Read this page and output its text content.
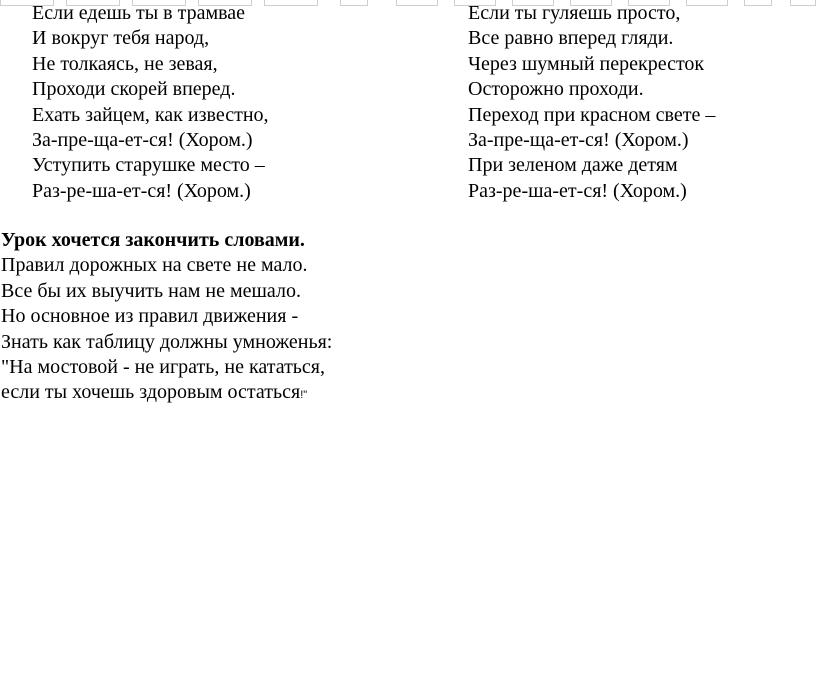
Если едешь ты в трамвае
И вокруг тебя народ,
Не толкаясь, не зевая,
Проходи скорей вперед.
Ехать зайцем, как известно,
За-пре-ща-ет-ся! (Хором.)
Уступить старушке место –
Раз-ре-ша-ет-ся! (Хором.)
Если ты гуляешь просто,
Все равно вперед гляди.
Через шумный перекресток
Осторожно проходи.
Переход при красном свете –
За-пре-ща-ет-ся! (Хором.)
При зеленом даже детям
Раз-ре-ша-ет-ся! (Хором.)
Урок хочется закончить словами.
Правил дорожных на свете не мало.
Все бы их выучить нам не мешало.
Но основное из правил движения -
Знать как таблицу должны умноженья:
"На мостовой - не играть, не кататься,
если ты хочешь здоровым остаться!"
